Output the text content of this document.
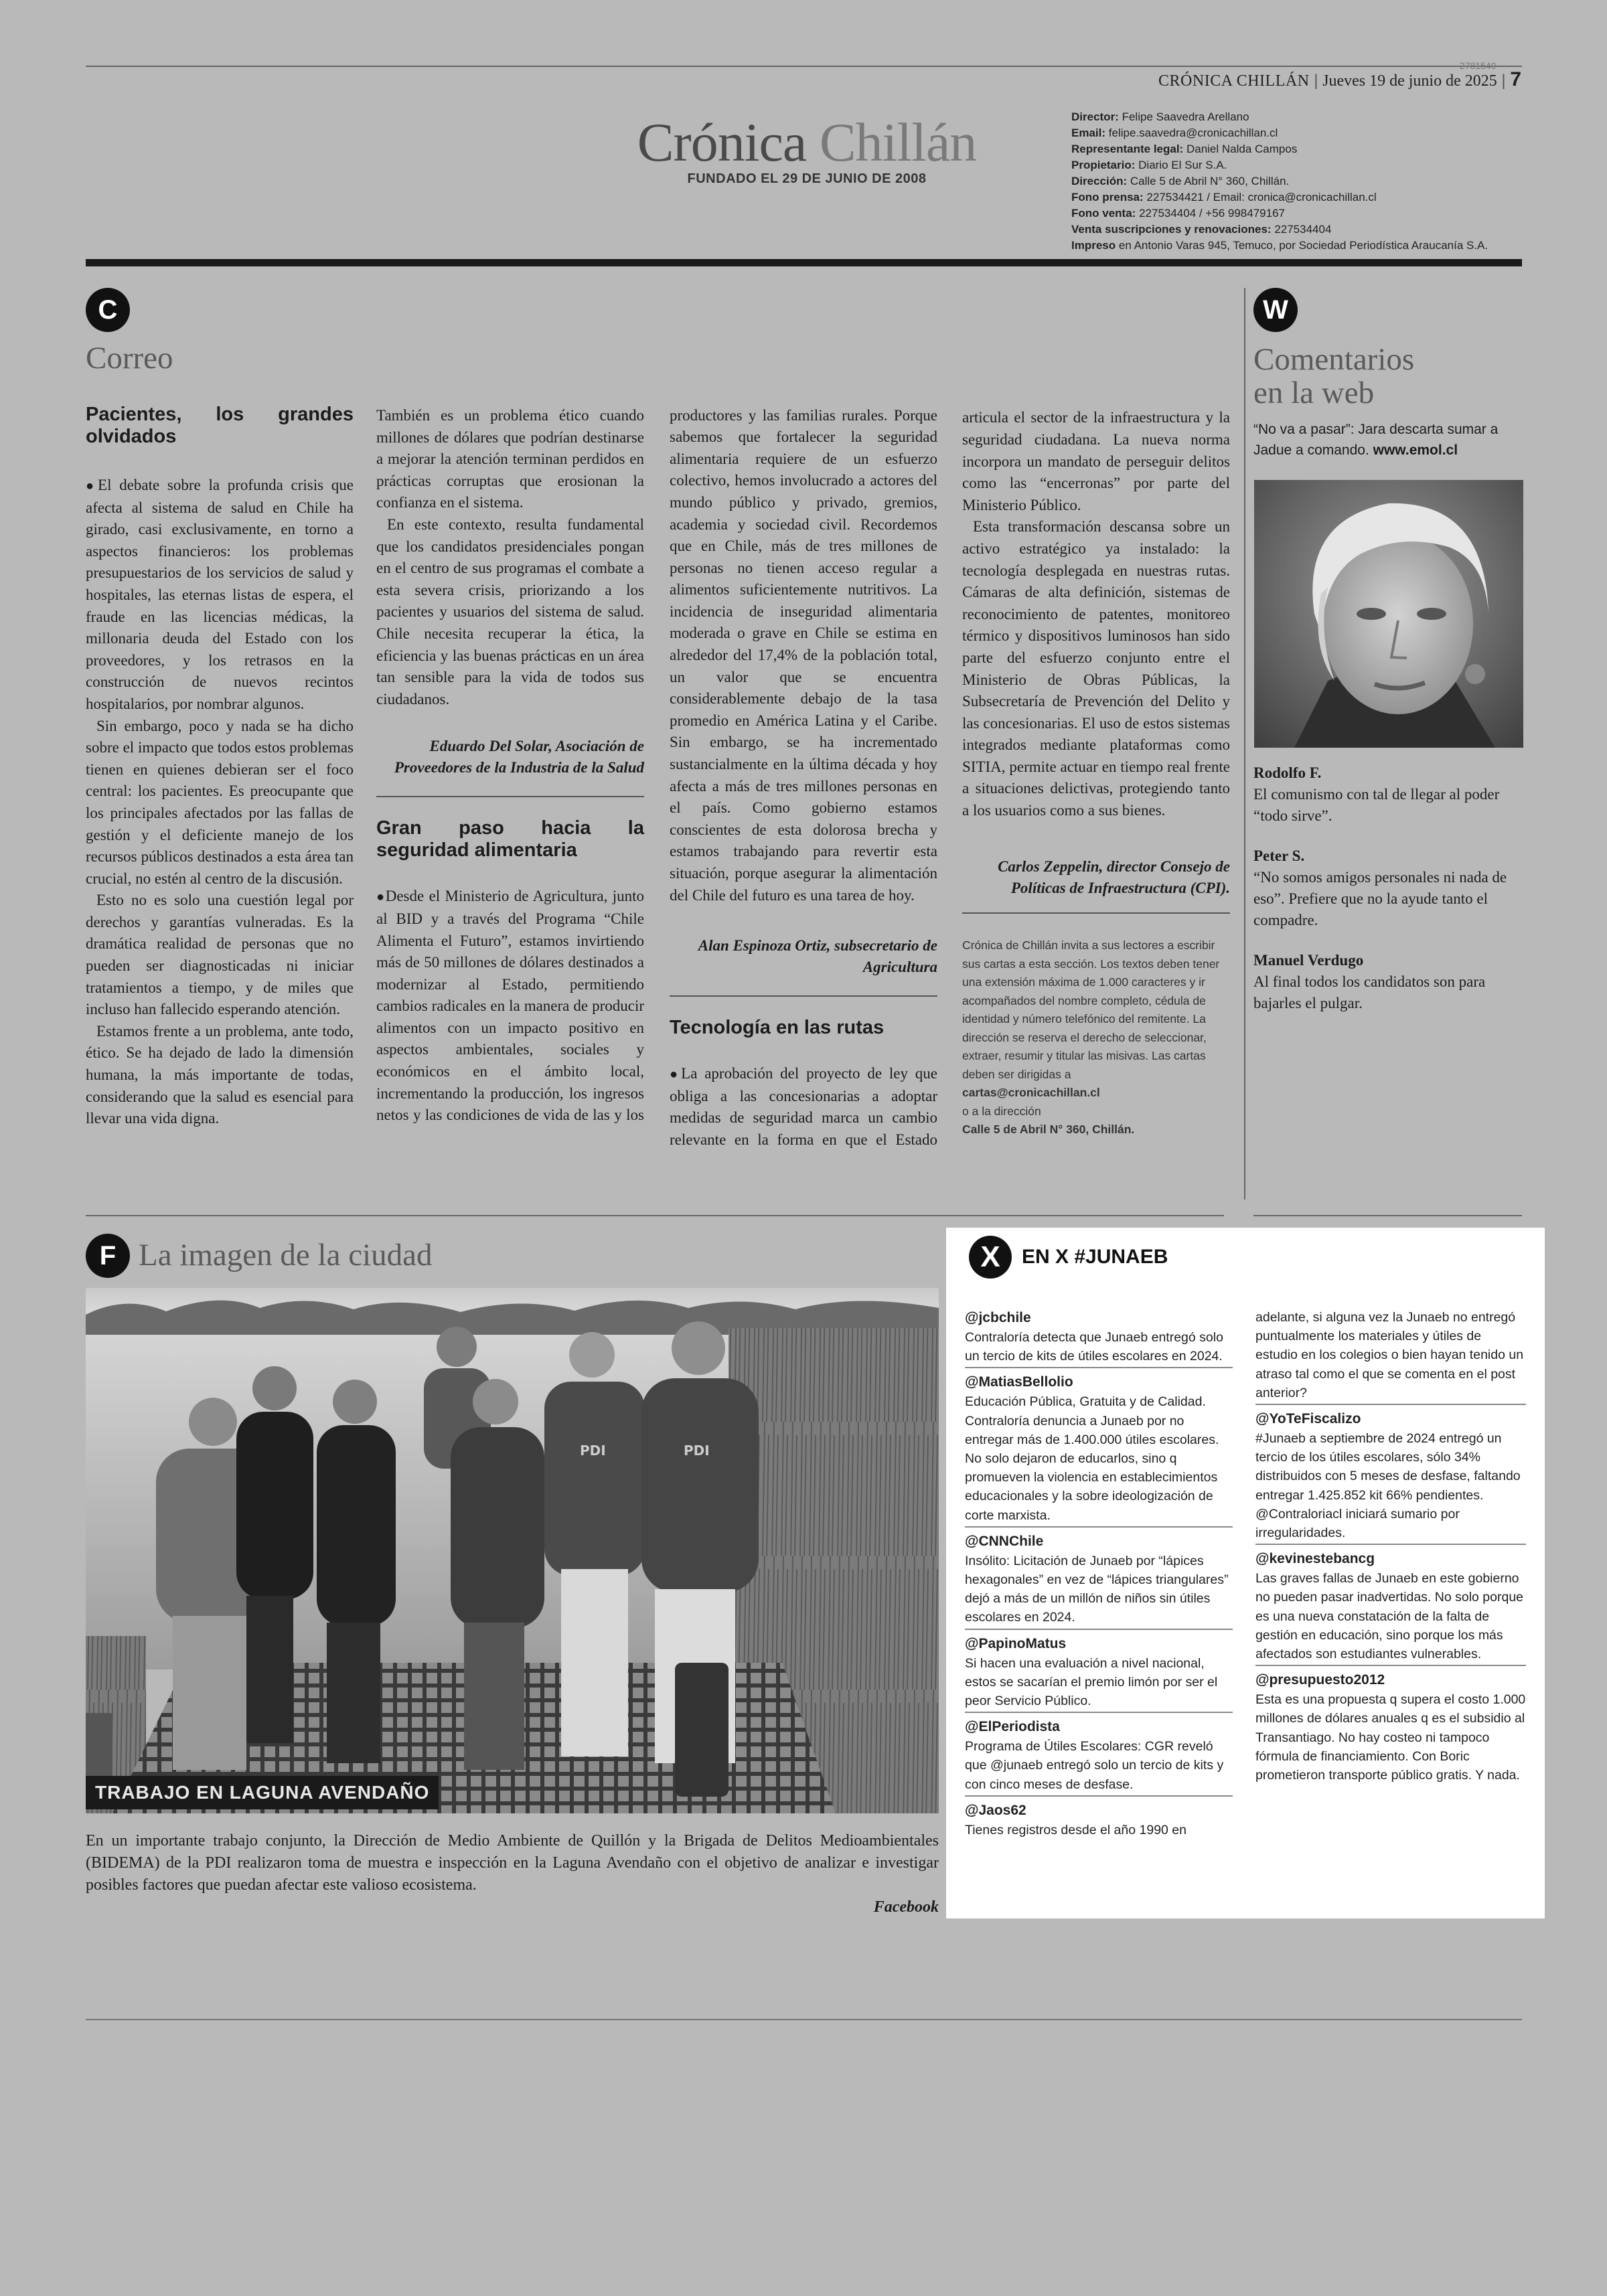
CRÓNICA CHILLÁN | Jueves 19 de junio de 2025 | 7
2781549
Crónica Chillán
FUNDADO EL 29 DE JUNIO DE 2008
Director: Felipe Saavedra Arellano
Email: felipe.saavedra@cronicachillan.cl
Representante legal: Daniel Nalda Campos
Propietario: Diario El Sur S.A.
Dirección: Calle 5 de Abril N° 360, Chillán.
Fono prensa: 227534421 / Email: cronica@cronicachillan.cl
Fono venta: 227534404 / +56 998479167
Venta suscripciones y renovaciones: 227534404
Impreso en Antonio Varas 945, Temuco, por Sociedad Periodística Araucanía S.A.
C
Correo
Pacientes, los grandes olvidados

●El debate sobre la profunda crisis que afecta al sistema de salud en Chile ha girado, casi exclusivamente, en torno a aspectos financieros: los problemas presupuestarios de los servicios de salud y hospitales, las eternas listas de espera, el fraude en las licencias médicas, la millonaria deuda del Estado con los proveedores, y los retrasos en la construcción de nuevos recintos hospitalarios, por nombrar algunos.

Sin embargo, poco y nada se ha dicho sobre el impacto que todos estos problemas tienen en quienes debieran ser el foco central: los pacientes. Es preocupante que los principales afectados por las fallas de gestión y el deficiente manejo de los recursos públicos destinados a esta área tan crucial, no estén al centro de la discusión.

Esto no es solo una cuestión legal por derechos y garantías vulneradas. Es la dramática realidad de personas que no pueden ser diagnosticadas ni iniciar tratamientos a tiempo, y de miles que incluso han fallecido esperando atención.

Estamos frente a un problema, ante todo, ético. Se ha dejado de lado la dimensión humana, la más importante de todas, considerando que la salud es esencial para llevar una vida digna.

También es un problema ético cuando millones de dólares que podrían destinarse a mejorar la atención terminan perdidos en prácticas corruptas que erosionan la confianza en el sistema.

En este contexto, resulta fundamental que los candidatos presidenciales pongan en el centro de sus programas el combate a esta severa crisis, priorizando a los pacientes y usuarios del sistema de salud. Chile necesita recuperar la ética, la eficiencia y las buenas prácticas en un área tan sensible para la vida de todos sus ciudadanos.

Eduardo Del Solar, Asociación de Proveedores de la Industria de la Salud
Gran paso hacia la seguridad alimentaria

●Desde el Ministerio de Agricultura, junto al BID y a través del Programa “Chile Alimenta el Futuro”, estamos invirtiendo más de 50 millones de dólares destinados a modernizar al Estado, permitiendo cambios radicales en la manera de producir alimentos con un impacto positivo en aspectos ambientales, sociales y económicos en el ámbito local, incrementando la producción, los ingresos netos y las condiciones de vida de las y los

productores y las familias rurales. Porque sabemos que fortalecer la seguridad alimentaria requiere de un esfuerzo colectivo, hemos involucrado a actores del mundo público y privado, gremios, academia y sociedad civil. Recordemos que en Chile, más de tres millones de personas no tienen acceso regular a alimentos suficientemente nutritivos. La incidencia de inseguridad alimentaria moderada o grave en Chile se estima en alrededor del 17,4% de la población total, un valor que se encuentra considerablemente debajo de la tasa promedio en América Latina y el Caribe. Sin embargo, se ha incrementado sustancialmente en la última década y hoy afecta a más de tres millones personas en el país. Como gobierno estamos conscientes de esta dolorosa brecha y estamos trabajando para revertir esta situación, porque asegurar la alimentación del Chile del futuro es una tarea de hoy.

Alan Espinoza Ortiz, subsecretario de Agricultura
Tecnología en las rutas

●La aprobación del proyecto de ley que obliga a las concesionarias a adoptar medidas de seguridad marca un cambio relevante en la forma en que el Estado

articula el sector de la infraestructura y la seguridad ciudadana. La nueva norma incorpora un mandato de perseguir delitos como las “encerronas” por parte del Ministerio Público.

Esta transformación descansa sobre un activo estratégico ya instalado: la tecnología desplegada en nuestras rutas. Cámaras de alta definición, sistemas de reconocimiento de patentes, monitoreo térmico y dispositivos luminosos han sido parte del esfuerzo conjunto entre el Ministerio de Obras Públicas, la Subsecretaría de Prevención del Delito y las concesionarias. El uso de estos sistemas integrados mediante plataformas como SITIA, permite actuar en tiempo real frente a situaciones delictivas, protegiendo tanto a los usuarios como a sus bienes.

Carlos Zeppelin, director Consejo de Políticas de Infraestructura (CPI).
Crónica de Chillán invita a sus lectores a escribir sus cartas a esta sección. Los textos deben tener una extensión máxima de 1.000 caracteres y ir acompañados del nombre completo, cédula de identidad y número telefónico del remitente. La dirección se reserva el derecho de seleccionar, extraer, resumir y titular las misivas. Las cartas deben ser dirigidas a
cartas@cronicachillan.cl
o a la dirección
Calle 5 de Abril N° 360, Chillán.
W
Comentarios
en la web
“No va a pasar”: Jara descarta sumar a Jadue a comando. www.emol.cl
Rodolfo F.
El comunismo con tal de llegar al poder “todo sirve”.
Peter S.
“No somos amigos personales ni nada de eso”. Prefiere que no la ayude tanto el compadre.
Manuel Verdugo
Al final todos los candidatos son para bajarles el pulgar.
F La imagen de la ciudad
PDI	PDI
TRABAJO EN LAGUNA AVENDAÑO
En un importante trabajo conjunto, la Dirección de Medio Ambiente de Quillón y la Brigada de Delitos Medioambientales (BIDEMA) de la PDI realizaron toma de muestra e inspección en la Laguna Avendaño con el objetivo de analizar e investigar posibles factores que puedan afectar este valioso ecosistema.
Facebook
X	EN X #JUNAEB

@jcbchile

Contraloría detecta que Junaeb entregó solo un tercio de kits de útiles escolares en 2024.

@MatiasBellolio

Educación Pública, Gratuita y de Calidad. Contraloría denuncia a Junaeb por no entregar más de 1.400.000 útiles escolares. No solo dejaron de educarlos, sino q promueven la violencia en establecimientos educacionales y la sobre ideologización de corte marxista.

@CNNChile

Insólito: Licitación de Junaeb por “lápices hexagonales” en vez de “lápices triangulares” dejó a más de un millón de niños sin útiles escolares en 2024.

@PapinoMatus

Si hacen una evaluación a nivel nacional, estos se sacarían el premio limón por ser el peor Servicio Público.

@ElPeriodista

Programa de Útiles Escolares: CGR reveló que @junaeb entregó solo un tercio de kits y con cinco meses de desfase.

@Jaos62

Tienes registros desde el año 1990 en

adelante, si alguna vez la Junaeb no entregó puntualmente los materiales y útiles de estudio en los colegios o bien hayan tenido un atraso tal como el que se comenta en el post anterior?

@YoTeFiscalizo

#Junaeb a septiembre de 2024 entregó un tercio de los útiles escolares, sólo 34% distribuidos con 5 meses de desfase, faltando entregar 1.425.852 kit 66% pendientes. @Contraloriacl iniciará sumario por irregularidades.

@kevinestebancg

Las graves fallas de Junaeb en este gobierno no pueden pasar inadvertidas. No solo porque es una nueva constatación de la falta de gestión en educación, sino porque los más afectados son estudiantes vulnerables.

@presupuesto2012

Esta es una propuesta q supera el costo 1.000 millones de dólares anuales q es el subsidio al Transantiago. No hay costeo ni tampoco fórmula de financiamiento. Con Boric prometieron transporte público gratis. Y nada.
